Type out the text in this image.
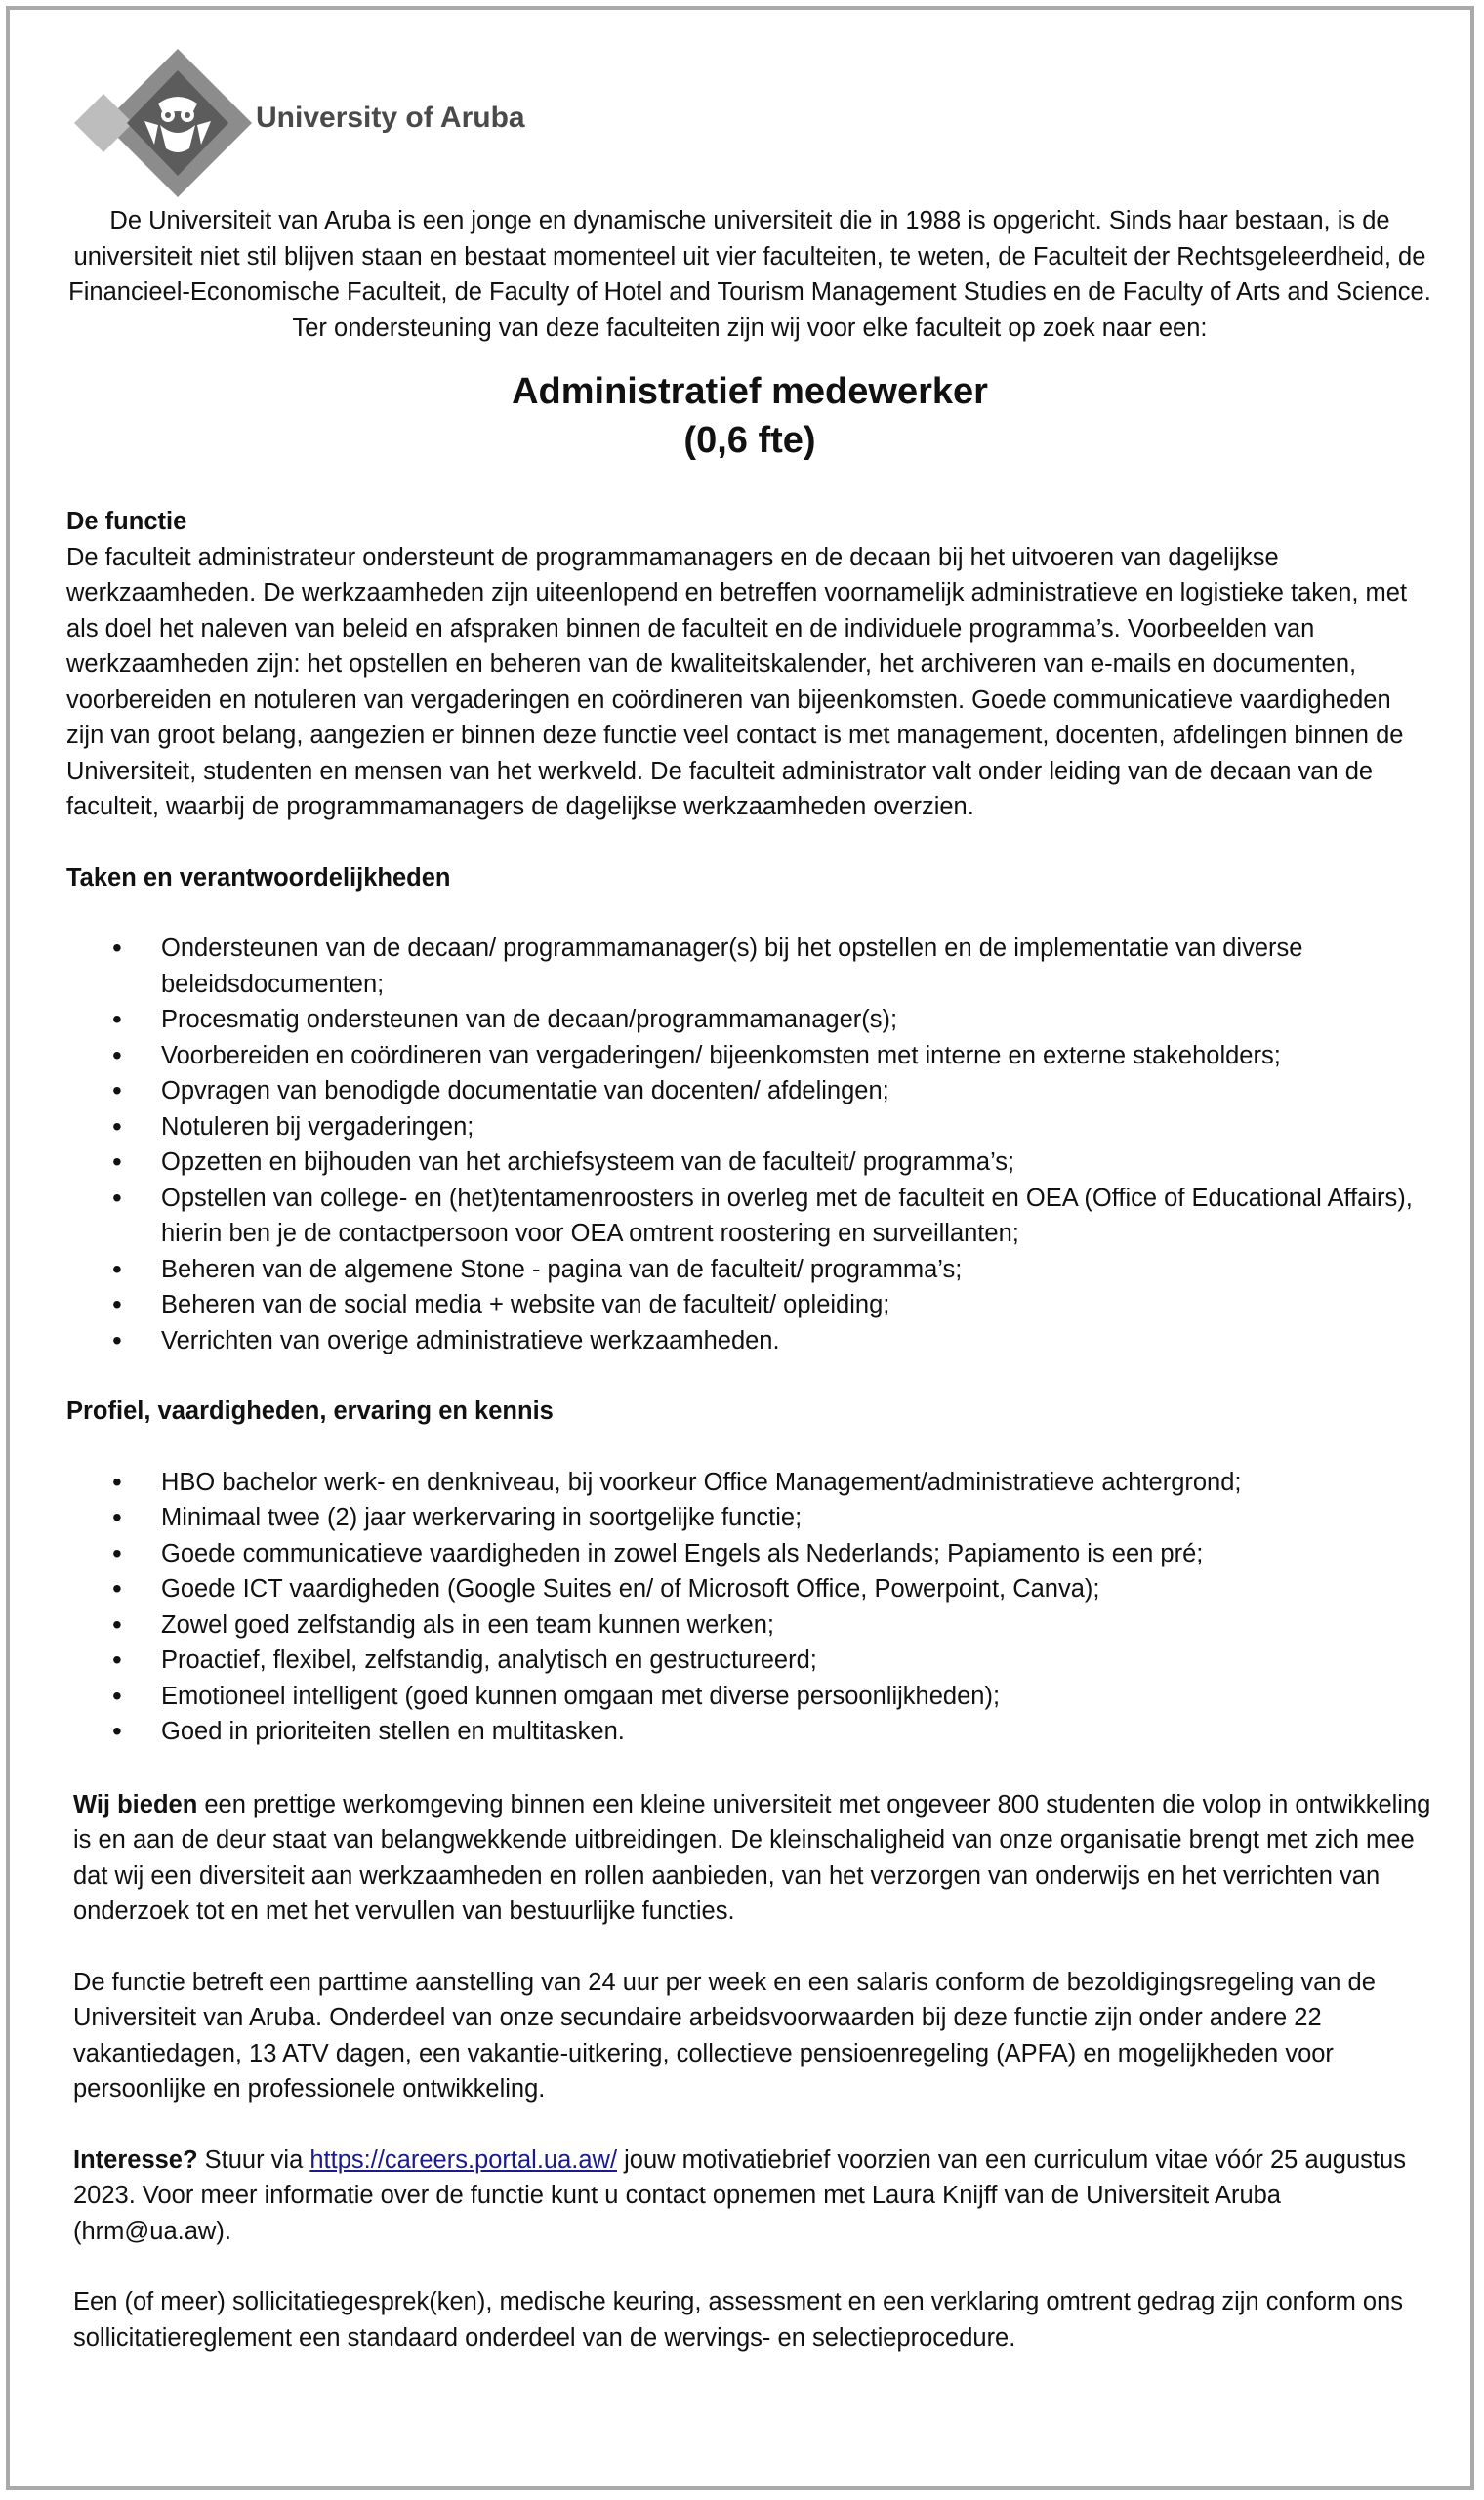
University of Aruba

De Universiteit van Aruba is een jonge en dynamische universiteit die in 1988 is opgericht. Sinds haar bestaan, is de universiteit niet stil blijven staan en bestaat momenteel uit vier faculteiten, te weten, de Faculteit der Rechtsgeleerdheid, de Financieel-Economische Faculteit, de Faculty of Hotel and Tourism Management Studies en de Faculty of Arts and Science. Ter ondersteuning van deze faculteiten zijn wij voor elke faculteit op zoek naar een:

Administratief medewerker
(0,6 fte)

De functie

De faculteit administrateur ondersteunt de programmamanagers en de decaan bij het uitvoeren van dagelijkse werkzaamheden. De werkzaamheden zijn uiteenlopend en betreffen voornamelijk administratieve en logistieke taken, met als doel het naleven van beleid en afspraken binnen de faculteit en de individuele programma’s. Voorbeelden van werkzaamheden zijn: het opstellen en beheren van de kwaliteitskalender, het archiveren van e-mails en documenten, voorbereiden en notuleren van vergaderingen en coördineren van bijeenkomsten. Goede communicatieve vaardigheden zijn van groot belang, aangezien er binnen deze functie veel contact is met management, docenten, afdelingen binnen de Universiteit, studenten en mensen van het werkveld. De faculteit administrator valt onder leiding van de decaan van de faculteit, waarbij de programmamanagers de dagelijkse werkzaamheden overzien.

Taken en verantwoordelijkheden

• Ondersteunen van de decaan/ programmamanager(s) bij het opstellen en de implementatie van diverse beleidsdocumenten;
• Procesmatig ondersteunen van de decaan/programmamanager(s);
• Voorbereiden en coördineren van vergaderingen/ bijeenkomsten met interne en externe stakeholders;
• Opvragen van benodigde documentatie van docenten/ afdelingen;
• Notuleren bij vergaderingen;
• Opzetten en bijhouden van het archiefsysteem van de faculteit/ programma’s;
• Opstellen van college- en (het)tentamenroosters in overleg met de faculteit en OEA (Office of Educational Affairs), hierin ben je de contactpersoon voor OEA omtrent roostering en surveillanten;
• Beheren van de algemene Stone - pagina van de faculteit/ programma’s;
• Beheren van de social media + website van de faculteit/ opleiding;
• Verrichten van overige administratieve werkzaamheden.

Profiel, vaardigheden, ervaring en kennis

• HBO bachelor werk- en denkniveau, bij voorkeur Office Management/administratieve achtergrond;
• Minimaal twee (2) jaar werkervaring in soortgelijke functie;
• Goede communicatieve vaardigheden in zowel Engels als Nederlands; Papiamento is een pré;
• Goede ICT vaardigheden (Google Suites en/ of Microsoft Office, Powerpoint, Canva);
• Zowel goed zelfstandig als in een team kunnen werken;
• Proactief, flexibel, zelfstandig, analytisch en gestructureerd;
• Emotioneel intelligent (goed kunnen omgaan met diverse persoonlijkheden);
• Goed in prioriteiten stellen en multitasken.

Wij bieden een prettige werkomgeving binnen een kleine universiteit met ongeveer 800 studenten die volop in ontwikkeling is en aan de deur staat van belangwekkende uitbreidingen. De kleinschaligheid van onze organisatie brengt met zich mee dat wij een diversiteit aan werkzaamheden en rollen aanbieden, van het verzorgen van onderwijs en het verrichten van onderzoek tot en met het vervullen van bestuurlijke functies.

De functie betreft een parttime aanstelling van 24 uur per week en een salaris conform de bezoldigingsregeling van de Universiteit van Aruba. Onderdeel van onze secundaire arbeidsvoorwaarden bij deze functie zijn onder andere 22 vakantiedagen, 13 ATV dagen, een vakantie-uitkering, collectieve pensioenregeling (APFA) en mogelijkheden voor persoonlijke en professionele ontwikkeling.

Interesse? Stuur via https://careers.portal.ua.aw/ jouw motivatiebrief voorzien van een curriculum vitae vóór 25 augustus 2023. Voor meer informatie over de functie kunt u contact opnemen met Laura Knijff van de Universiteit Aruba (hrm@ua.aw).

Een (of meer) sollicitatiegesprek(ken), medische keuring, assessment en een verklaring omtrent gedrag zijn conform ons sollicitatiereglement een standaard onderdeel van de wervings- en selectieprocedure.
